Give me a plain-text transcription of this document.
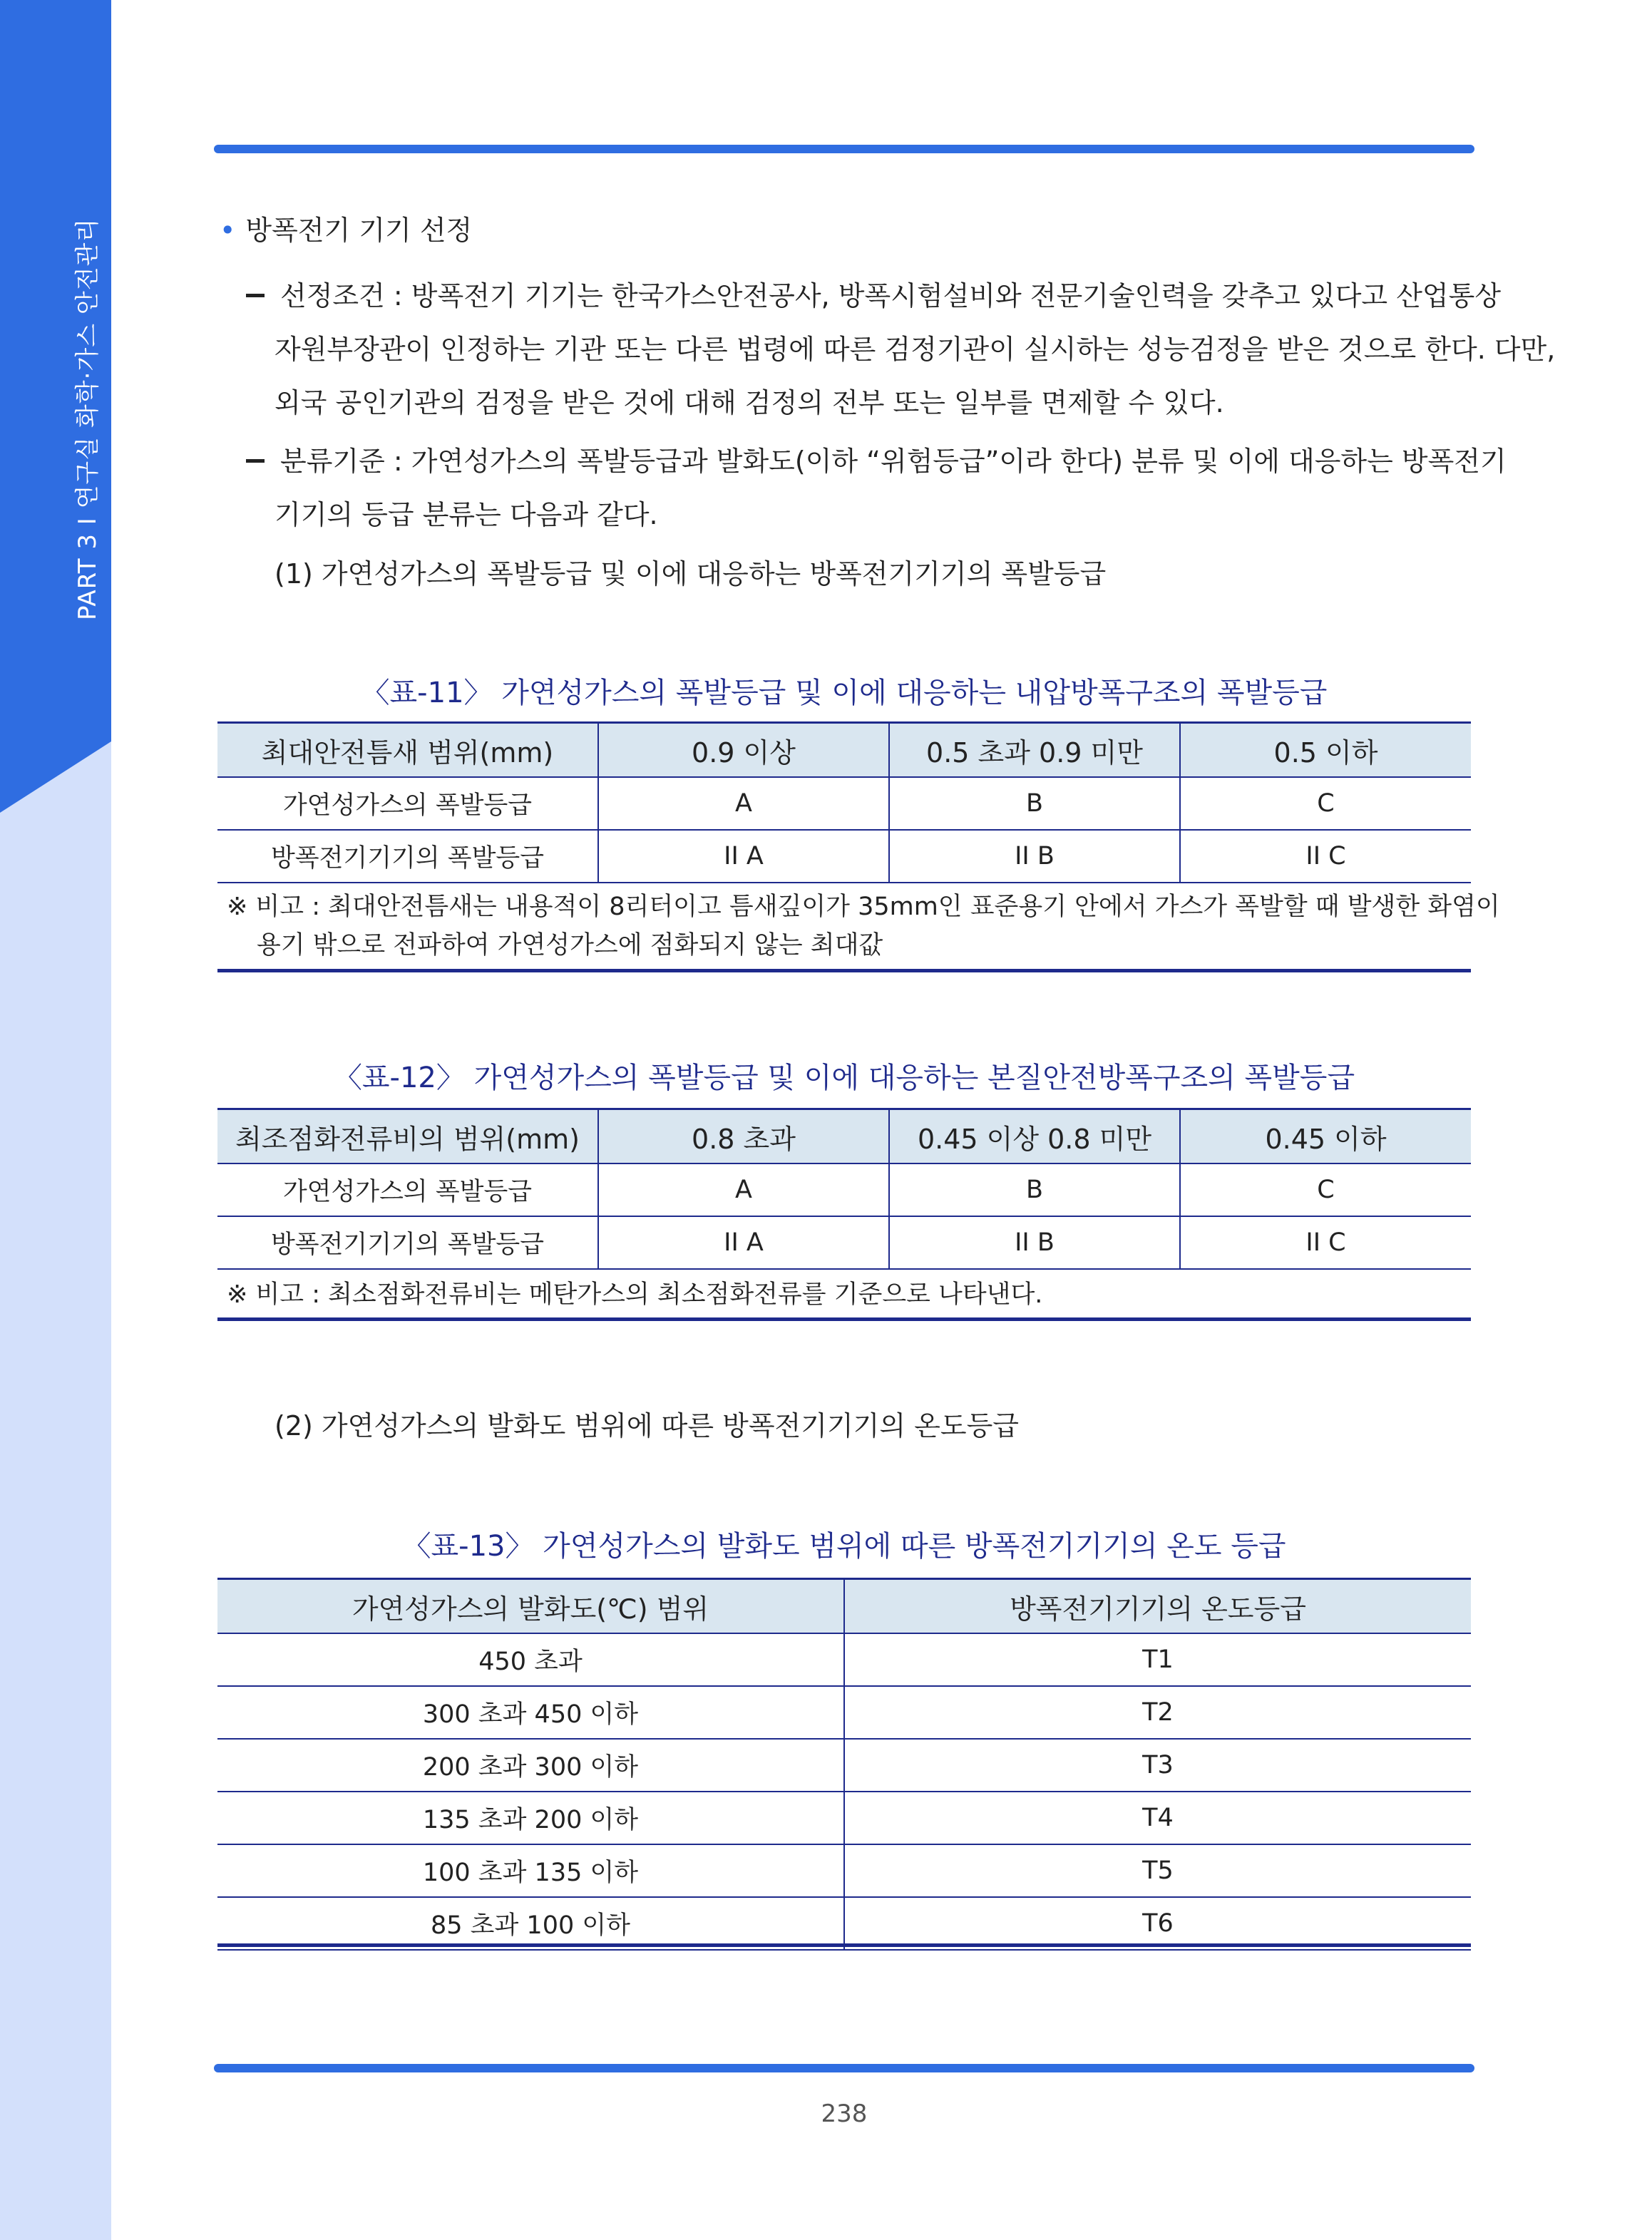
PART 3 I 연구실 화학·가스 안전관리	• 방폭전기 기기 선정
선정조건 : 방폭전기 기기는 한국가스안전공사, 방폭시험설비와 전문기술인력을 갖추고 있다고 산업통상
자원부장관이 인정하는 기관 또는 다른 법령에 따른 검정기관이 실시하는 성능검정을 받은 것으로 한다. 다만,
외국 공인기관의 검정을 받은 것에 대해 검정의 전부 또는 일부를 면제할 수 있다.
분류기준 : 가연성가스의 폭발등급과 발화도(이하 “위험등급”이라 한다) 분류 및 이에 대응하는 방폭전기
기기의 등급 분류는 다음과 같다.
(1) 가연성가스의 폭발등급 및 이에 대응하는 방폭전기기기의 폭발등급
〈표-11〉 가연성가스의 폭발등급 및 이에 대응하는 내압방폭구조의 폭발등급
최대안전틈새 범위(mm)	0.9 이상	0.5 초과 0.9 미만	0.5 이하
가연성가스의 폭발등급	A	B	C
방폭전기기기의 폭발등급	II A	II B	II C
※ 비고 : 최대안전틈새는 내용적이 8리터이고 틈새깊이가 35mm인 표준용기 안에서 가스가 폭발할 때 발생한 화염이
용기 밖으로 전파하여 가연성가스에 점화되지 않는 최대값
〈표-12〉 가연성가스의 폭발등급 및 이에 대응하는 본질안전방폭구조의 폭발등급
최조점화전류비의 범위(mm)	0.8 초과	0.45 이상 0.8 미만	0.45 이하
가연성가스의 폭발등급	A	B	C
방폭전기기기의 폭발등급	II A	II B	II C
※ 비고 : 최소점화전류비는 메탄가스의 최소점화전류를 기준으로 나타낸다.
(2) 가연성가스의 발화도 범위에 따른 방폭전기기기의 온도등급
〈표-13〉 가연성가스의 발화도 범위에 따른 방폭전기기기의 온도 등급
가연성가스의 발화도(℃) 범위	방폭전기기기의 온도등급
450 초과	T1
300 초과 450 이하	T2
200 초과 300 이하	T3
135 초과 200 이하	T4
100 초과 135 이하	T5
85 초과 100 이하	T6
238
